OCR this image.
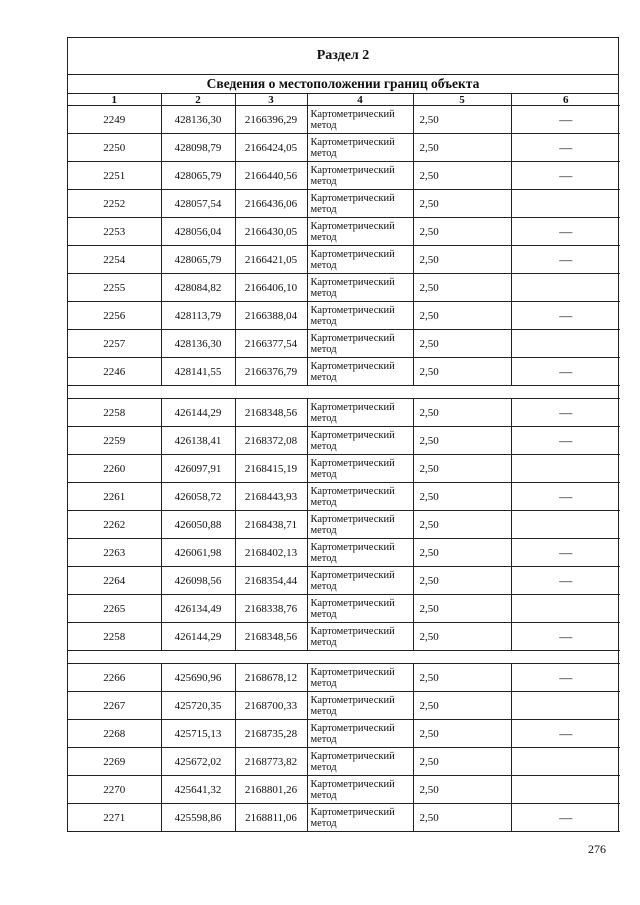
Раздел 2
Сведения о местоположении границ объекта
1	2	3	4	5	6
2249	428136,30	2166396,29	Картометрический метод	2,50	—
2250	428098,79	2166424,05	Картометрический метод	2,50	—
2251	428065,79	2166440,56	Картометрический метод	2,50	—
2252	428057,54	2166436,06	Картометрический метод	2,50	
2253	428056,04	2166430,05	Картометрический метод	2,50	—
2254	428065,79	2166421,05	Картометрический метод	2,50	—
2255	428084,82	2166406,10	Картометрический метод	2,50	
2256	428113,79	2166388,04	Картометрический метод	2,50	—
2257	428136,30	2166377,54	Картометрический метод	2,50	
2246	428141,55	2166376,79	Картометрический метод	2,50	—

2258	426144,29	2168348,56	Картометрический метод	2,50	—
2259	426138,41	2168372,08	Картометрический метод	2,50	—
2260	426097,91	2168415,19	Картометрический метод	2,50	
2261	426058,72	2168443,93	Картометрический метод	2,50	—
2262	426050,88	2168438,71	Картометрический метод	2,50	
2263	426061,98	2168402,13	Картометрический метод	2,50	—
2264	426098,56	2168354,44	Картометрический метод	2,50	—
2265	426134,49	2168338,76	Картометрический метод	2,50	
2258	426144,29	2168348,56	Картометрический метод	2,50	—

2266	425690,96	2168678,12	Картометрический метод	2,50	—
2267	425720,35	2168700,33	Картометрический метод	2,50	
2268	425715,13	2168735,28	Картометрический метод	2,50	—
2269	425672,02	2168773,82	Картометрический метод	2,50	
2270	425641,32	2168801,26	Картометрический метод	2,50	
2271	425598,86	2168811,06	Картометрический метод	2,50	—
276
